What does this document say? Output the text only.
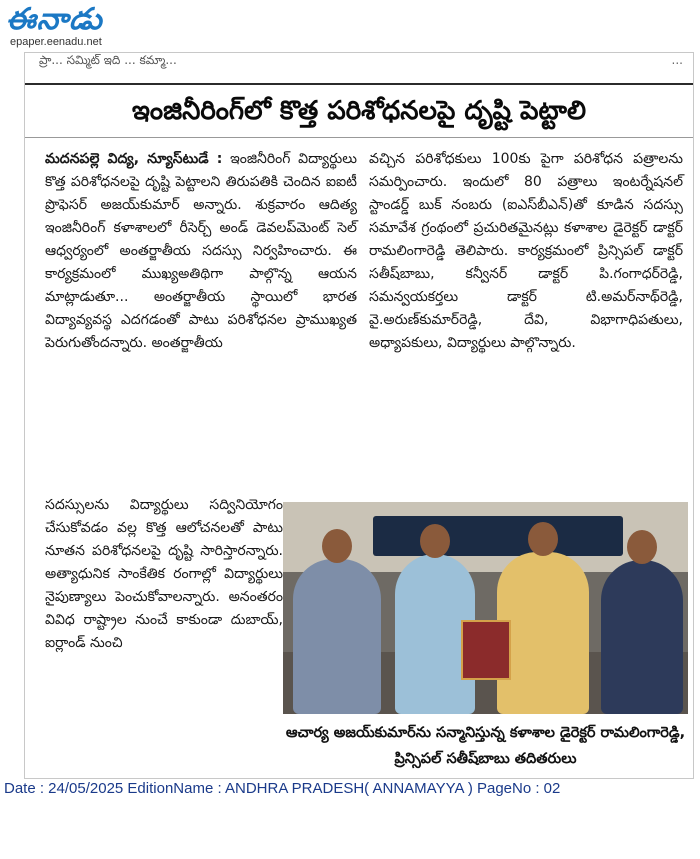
ఈనాడు
epaper.eenadu.net
ప్రా... సమ్మిట్ ఇది ... కమ్మా...	...
ఇంజినీరింగ్‌లో కొత్త పరిశోధనలపై దృష్టి పెట్టాలి
మదనపల్లె విద్య, న్యూస్‌టుడే : ఇంజినీరింగ్ విద్యార్థులు కొత్త పరిశోధనలపై దృష్టి పెట్టాలని తిరుపతికి చెందిన ఐఐటీ ప్రొఫెసర్ అజయ్‌కుమార్ అన్నారు. శుక్రవారం ఆదిత్య ఇంజినీరింగ్ కళాశాలలో రీసెర్చ్ అండ్ డెవలప్‌మెంట్ సెల్ ఆధ్వర్యంలో అంతర్జాతీయ సదస్సు నిర్వహించారు. ఈ కార్యక్రమంలో ముఖ్యఅతిథిగా పాల్గొన్న ఆయన మాట్లాడుతూ... అంతర్జాతీయ స్థాయిలో భారత విద్యావ్యవస్థ ఎదగడంతో పాటు పరిశోధనల ప్రాముఖ్యత పెరుగుతోందన్నారు. అంతర్జాతీయ
సదస్సులను విద్యార్థులు సద్వినియోగం చేసుకోవడం వల్ల కొత్త ఆలోచనలతో పాటు నూతన పరిశోధనలపై దృష్టి సారిస్తారన్నారు. అత్యాధునిక సాంకేతిక రంగాల్లో విద్యార్థులు నైపుణ్యాలు పెంచుకోవాలన్నారు. అనంతరం వివిధ రాష్ట్రాల నుంచే కాకుండా దుబాయ్, ఐర్లాండ్ నుంచి
వచ్చిన పరిశోధకులు 100కు పైగా పరిశోధన పత్రాలను సమర్పించారు. ఇందులో 80 పత్రాలు ఇంటర్నేషనల్ స్టాండర్డ్ బుక్ నంబరు (ఐఎస్‌బీఎన్)తో కూడిన సదస్సు సమావేశ గ్రంథంలో ప్రచురితమైనట్లు కళాశాల డైరెక్టర్ డాక్టర్ రామలింగారెడ్డి తెలిపారు. కార్యక్రమంలో ప్రిన్సిపల్ డాక్టర్ సతీష్‌బాబు, కన్వీనర్ డాక్టర్ పి.గంగాధర్‌రెడ్డి, సమన్వయకర్తలు డాక్టర్ టి.అమర్‌నాథ్‌రెడ్డి, వై.అరుణ్‌కుమార్‌రెడ్డి, దేవి, విభాగాధిపతులు, అధ్యాపకులు, విద్యార్థులు పాల్గొన్నారు.
ఆచార్య అజయ్‌కుమార్‌ను సన్మానిస్తున్న కళాశాల డైరెక్టర్ రామలింగారెడ్డి, ప్రిన్సిపల్ సతీష్‌బాబు తదితరులు
Date : 24/05/2025 EditionName : ANDHRA PRADESH( ANNAMAYYA ) PageNo : 02
